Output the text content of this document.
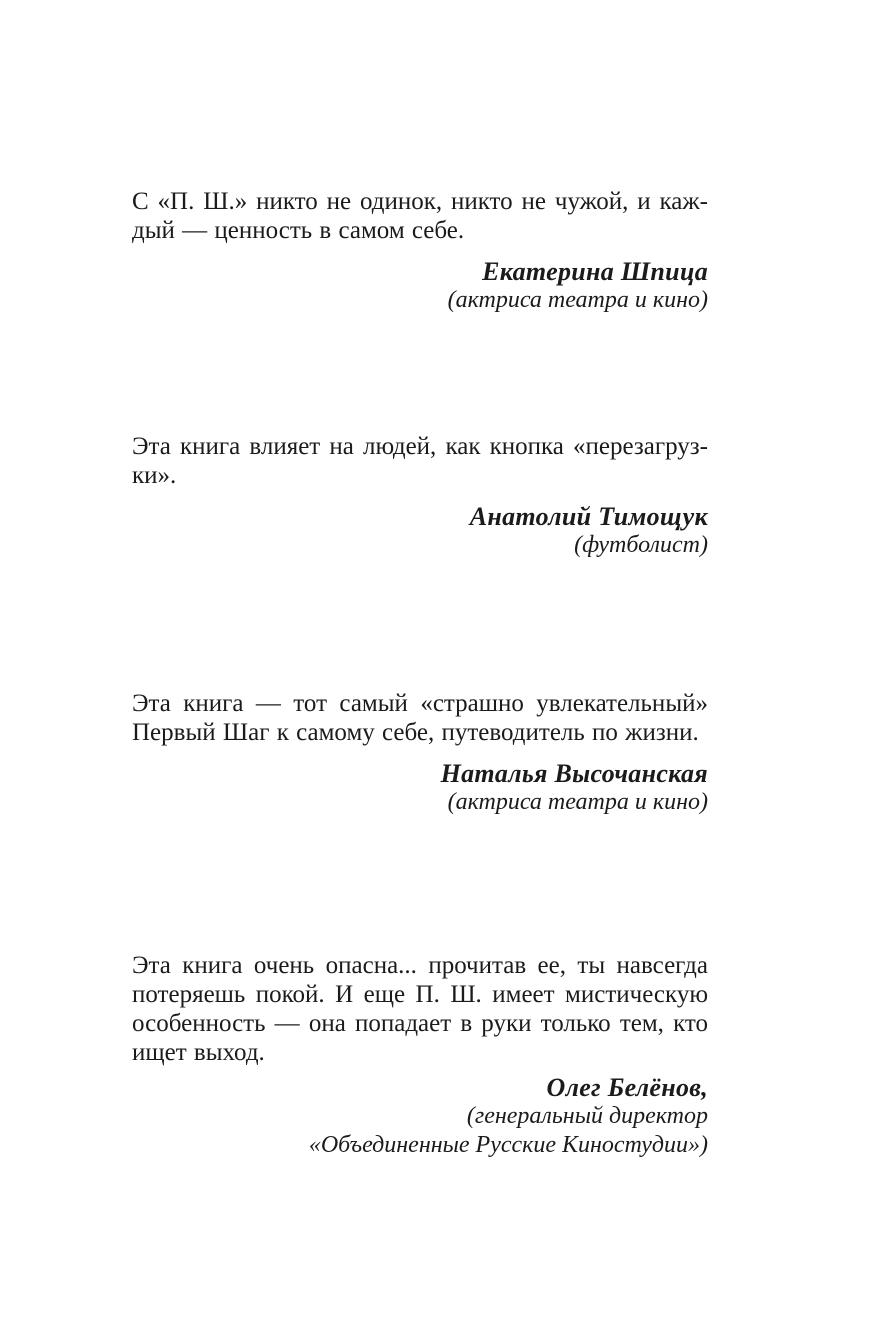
С «П. Ш.» никто не одинок, никто не чужой, и каж-
дый — ценность в самом себе.
Екатерина Шпица
(актриса театра и кино)
Эта книга влияет на людей, как кнопка «перезагруз-
ки».
Анатолий Тимощук
(футболист)
Эта книга — тот самый «страшно увлекательный»
Первый Шаг к самому себе, путеводитель по жизни.
Наталья Высочанская
(актриса театра и кино)
Эта книга очень опасна... прочитав ее, ты навсегда
потеряешь покой. И еще П. Ш. имеет мистическую
особенность — она попадает в руки только тем, кто
ищет выход.
Олег Белёнов,
(генеральный директор
«Объединенные Русские Киностудии»)
